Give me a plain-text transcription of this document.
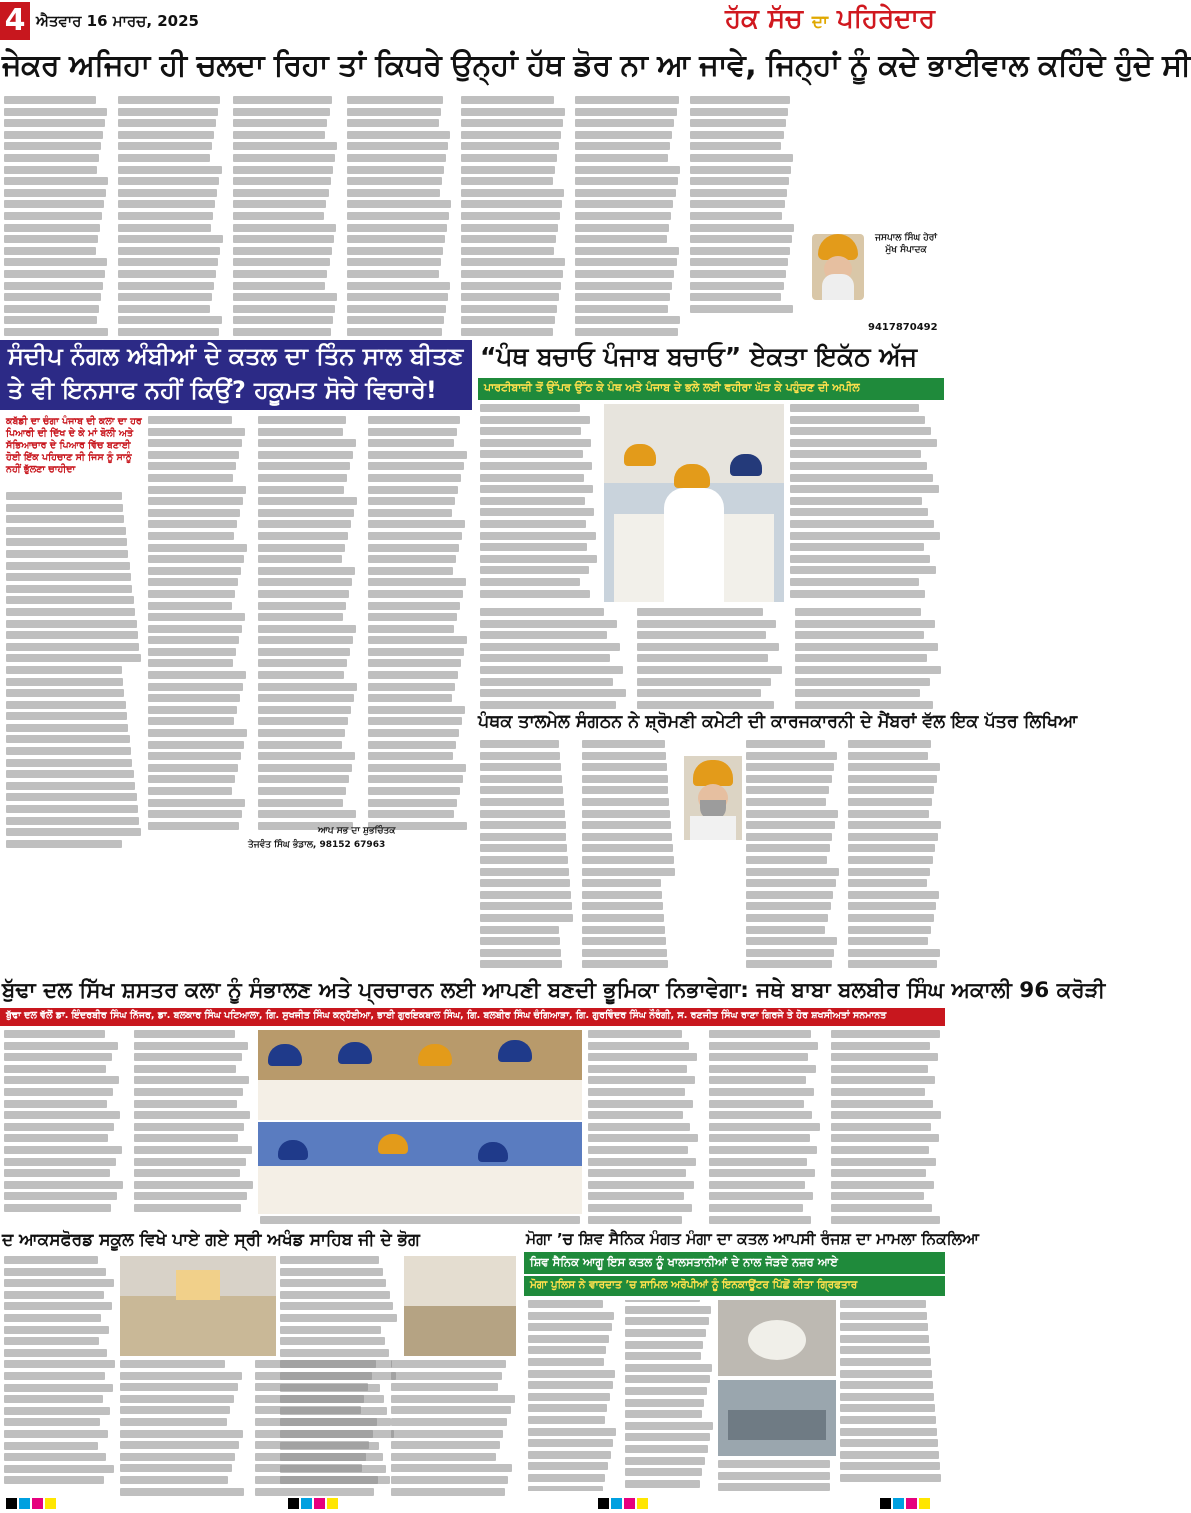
4 ਐਤਵਾਰ 16 ਮਾਰਚ, 2025	ਹੱਕ ਸੱਚ ਦਾ ਪਹਿਰੇਦਾਰ
ਜੇਕਰ ਅਜਿਹਾ ਹੀ ਚਲਦਾ ਰਿਹਾ ਤਾਂ ਕਿਧਰੇ ਉਨ੍ਹਾਂ ਹੱਥ ਡੋਰ ਨਾ ਆ ਜਾਵੇ, ਜਿਨ੍ਹਾਂ ਨੂੰ ਕਦੇ ਭਾਈਵਾਲ ਕਹਿੰਦੇ ਹੁੰਦੇ ਸੀ
ਜਸਪਾਲ ਸਿੰਘ ਹੇਰਾਂ
ਮੁੱਖ ਸੰਪਾਦਕ
9417870492
ਸੰਦੀਪ ਨੰਗਲ ਅੰਬੀਆਂ ਦੇ ਕਤਲ ਦਾ ਤਿੰਨ ਸਾਲ ਬੀਤਣ
ਤੇ ਵੀ ਇਨਸਾਫ ਨਹੀਂ ਕਿਉਂ? ਹਕੂਮਤ ਸੋਚੇ ਵਿਚਾਰੇ!
ਕਬੱਡੀ ਦਾ ਚੰਗਾ ਪੰਜਾਬ ਦੀ ਕਲਾ ਦਾ ਹਰ ਪਿਆਰੀ ਦੀ ਦਿੱਖ ਦੇ ਕੇ ਮਾਂ ਬੋਲੀ ਅਤੇ ਸੱਭਿਆਚਾਰ ਦੇ ਪਿਆਰ ਵਿੱਚ ਬਣਾਈ ਹੋਈ ਇੱਕ ਪਹਿਚਾਣ ਸੀ ਜਿਸ ਨੂੰ ਸਾਨੂੰ ਨਹੀਂ ਭੁੱਲਣਾ ਚਾਹੀਦਾ
ਆਪ ਸਭ ਦਾ ਸ਼ੁਭਚਿੰਤਕ
ਤੇਜਵੰਤ ਸਿੰਘ ਭੰਡਾਲ, 98152 67963
“ਪੰਥ ਬਚਾਓ ਪੰਜਾਬ ਬਚਾਓ” ਏਕਤਾ ਇਕੱਠ ਅੱਜ
ਪਾਰਟੀਬਾਜ਼ੀ ਤੋਂ ਉੱਪਰ ਉੱਠ ਕੇ ਪੰਥ ਅਤੇ ਪੰਜਾਬ ਦੇ ਭਲੇ ਲਈ ਵਹੀਰਾ ਘੱਤ ਕੇ ਪਹੁੰਚਣ ਦੀ ਅਪੀਲ
ਪੰਥਕ ਤਾਲਮੇਲ ਸੰਗਠਨ ਨੇ ਸ਼੍ਰੋਮਣੀ ਕਮੇਟੀ ਦੀ ਕਾਰਜਕਾਰਨੀ ਦੇ ਮੈਂਬਰਾਂ ਵੱਲ ਇਕ ਪੱਤਰ ਲਿਖਿਆ
ਬੁੱਢਾ ਦਲ ਸਿੱਖ ਸ਼ਸਤਰ ਕਲਾ ਨੂੰ ਸੰਭਾਲਣ ਅਤੇ ਪ੍ਰਚਾਰਨ ਲਈ ਆਪਣੀ ਬਣਦੀ ਭੂਮਿਕਾ ਨਿਭਾਵੇਗਾ: ਜਥੇ ਬਾਬਾ ਬਲਬੀਰ ਸਿੰਘ ਅਕਾਲੀ 96 ਕਰੋੜੀ
ਬੁੱਢਾ ਦਲ ਵੱਲੋਂ ਡਾ. ਇੰਦਰਬੀਰ ਸਿੰਘ ਨਿੱਜਰ, ਡਾ. ਬਲਕਾਰ ਸਿੰਘ ਪਟਿਆਲਾ, ਗਿ. ਸੁਖਜੀਤ ਸਿੰਘ ਕਨ੍ਹੱਈਆ, ਭਾਈ ਗੁਰਇਕਬਾਲ ਸਿੰਘ, ਗਿ. ਬਲਬੀਰ ਸਿੰਘ ਚੰਗਿਆੜਾ, ਗਿ. ਗੁਰਵਿੰਦਰ ਸਿੰਘ ਨੌਰੰਗੀ, ਸ. ਰਣਜੀਤ ਸਿੰਘ ਰਾਣਾ ਗਿਰਜੇ ਤੇ ਹੋਰ ਸ਼ਖਸੀਅਤਾਂ ਸਨਮਾਨਤ
ਦ ਆਕਸਫੋਰਡ ਸਕੂਲ ਵਿਖੇ ਪਾਏ ਗਏ ਸ੍ਰੀ ਅਖੰਡ ਸਾਹਿਬ ਜੀ ਦੇ ਭੋਗ	ਮੋਗਾ ’ਚ ਸ਼ਿਵ ਸੈਨਿਕ ਮੰਗਤ ਮੰਗਾ ਦਾ ਕਤਲ ਆਪਸੀ ਰੰਜਸ਼ ਦਾ ਮਾਮਲਾ ਨਿਕਲਿਆ
ਸ਼ਿਵ ਸੈਨਿਕ ਆਗੂ ਇਸ ਕਤਲ ਨੂੰ ਖਾਲਸਤਾਨੀਆਂ ਦੇ ਨਾਲ ਜੋੜਦੇ ਨਜ਼ਰ ਆਏ
ਮੋਗਾ ਪੁਲਿਸ ਨੇ ਵਾਰਦਾਤ ’ਚ ਸ਼ਾਮਿਲ ਅਰੋਪੀਆਂ ਨੂੰ ਇਨਕਾਊਂਟਰ ਪਿੱਛੋਂ ਕੀਤਾ ਗ੍ਰਿਫਤਾਰ
